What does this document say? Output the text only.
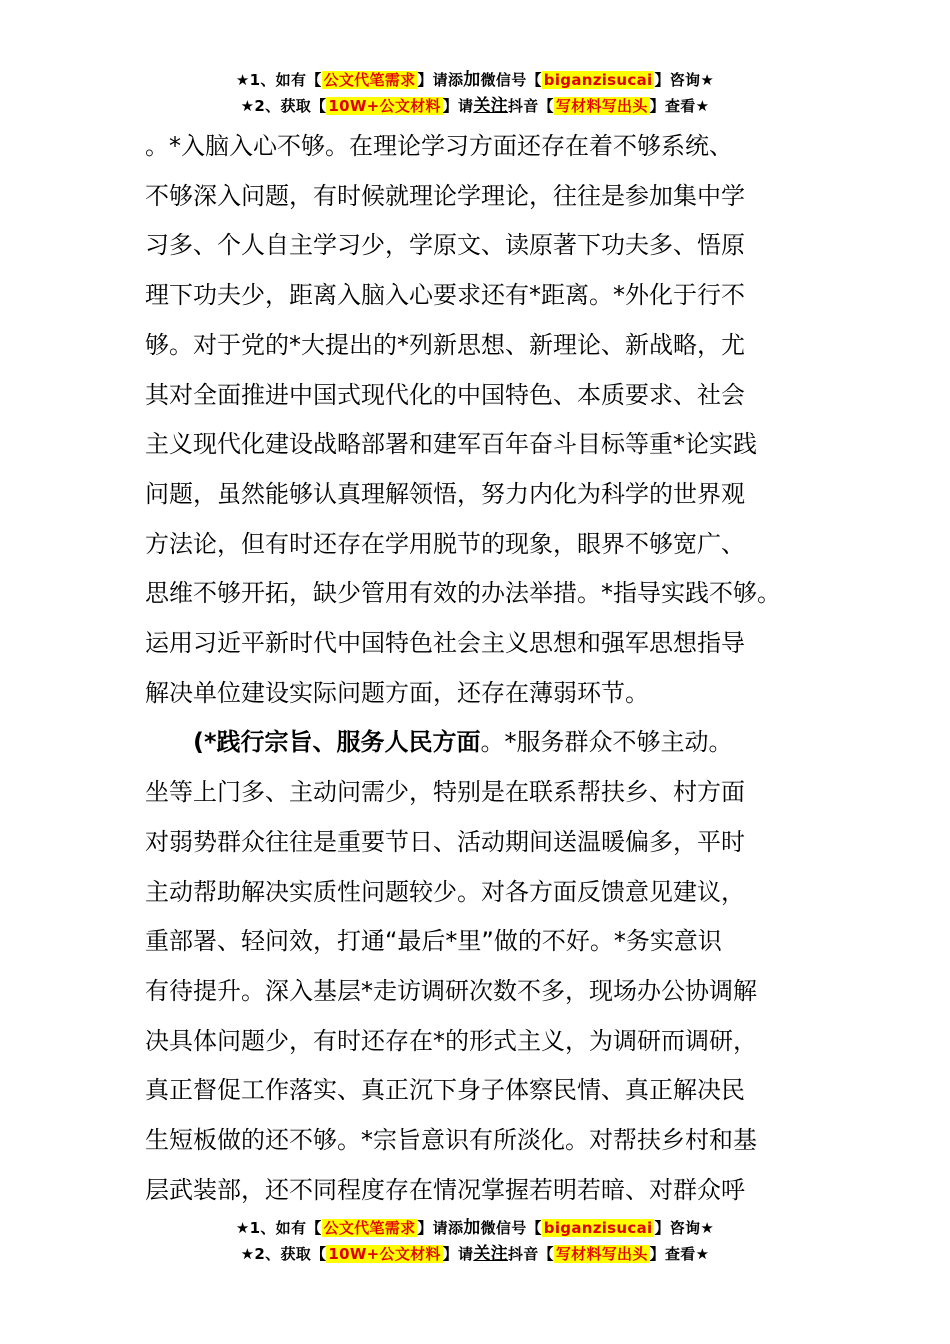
★1、如有【 公文代笔需求 】请添加微信号【 biganzisucai 】咨询★
★2、获取【 10W+公文材料 】请关注抖音【 写材料写出头 】查看★
。*入脑入心不够。在理论学习方面还存在着不够系统、
不够深入问题，有时候就理论学理论，往往是参加集中学
习多、个人自主学习少，学原文、读原著下功夫多、悟原
理下功夫少，距离入脑入心要求还有*距离。*外化于行不
够。对于党的*大提出的*列新思想、新理论、新战略，尤
其对全面推进中国式现代化的中国特色、本质要求、社会
主义现代化建设战略部署和建军百年奋斗目标等重*论实践
问题，虽然能够认真理解领悟，努力内化为科学的世界观
方法论，但有时还存在学用脱节的现象，眼界不够宽广、
思维不够开拓，缺少管用有效的办法举措。*指导实践不够。
运用习近平新时代中国特色社会主义思想和强军思想指导
解决单位建设实际问题方面，还存在薄弱环节。
(*践行宗旨、服务人民方面。*服务群众不够主动。
坐等上门多、主动问需少，特别是在联系帮扶乡、村方面
对弱势群众往往是重要节日、活动期间送温暖偏多，平时
主动帮助解决实质性问题较少。对各方面反馈意见建议，
重部署、轻问效，打通“最后*里”做的不好。*务实意识
有待提升。深入基层*走访调研次数不多，现场办公协调解
决具体问题少，有时还存在*的形式主义，为调研而调研，
真正督促工作落实、真正沉下身子体察民情、真正解决民
生短板做的还不够。*宗旨意识有所淡化。对帮扶乡村和基
层武装部，还不同程度存在情况掌握若明若暗、对群众呼
★1、如有【 公文代笔需求 】请添加微信号【 biganzisucai 】咨询★
★2、获取【 10W+公文材料 】请关注抖音【 写材料写出头 】查看★
